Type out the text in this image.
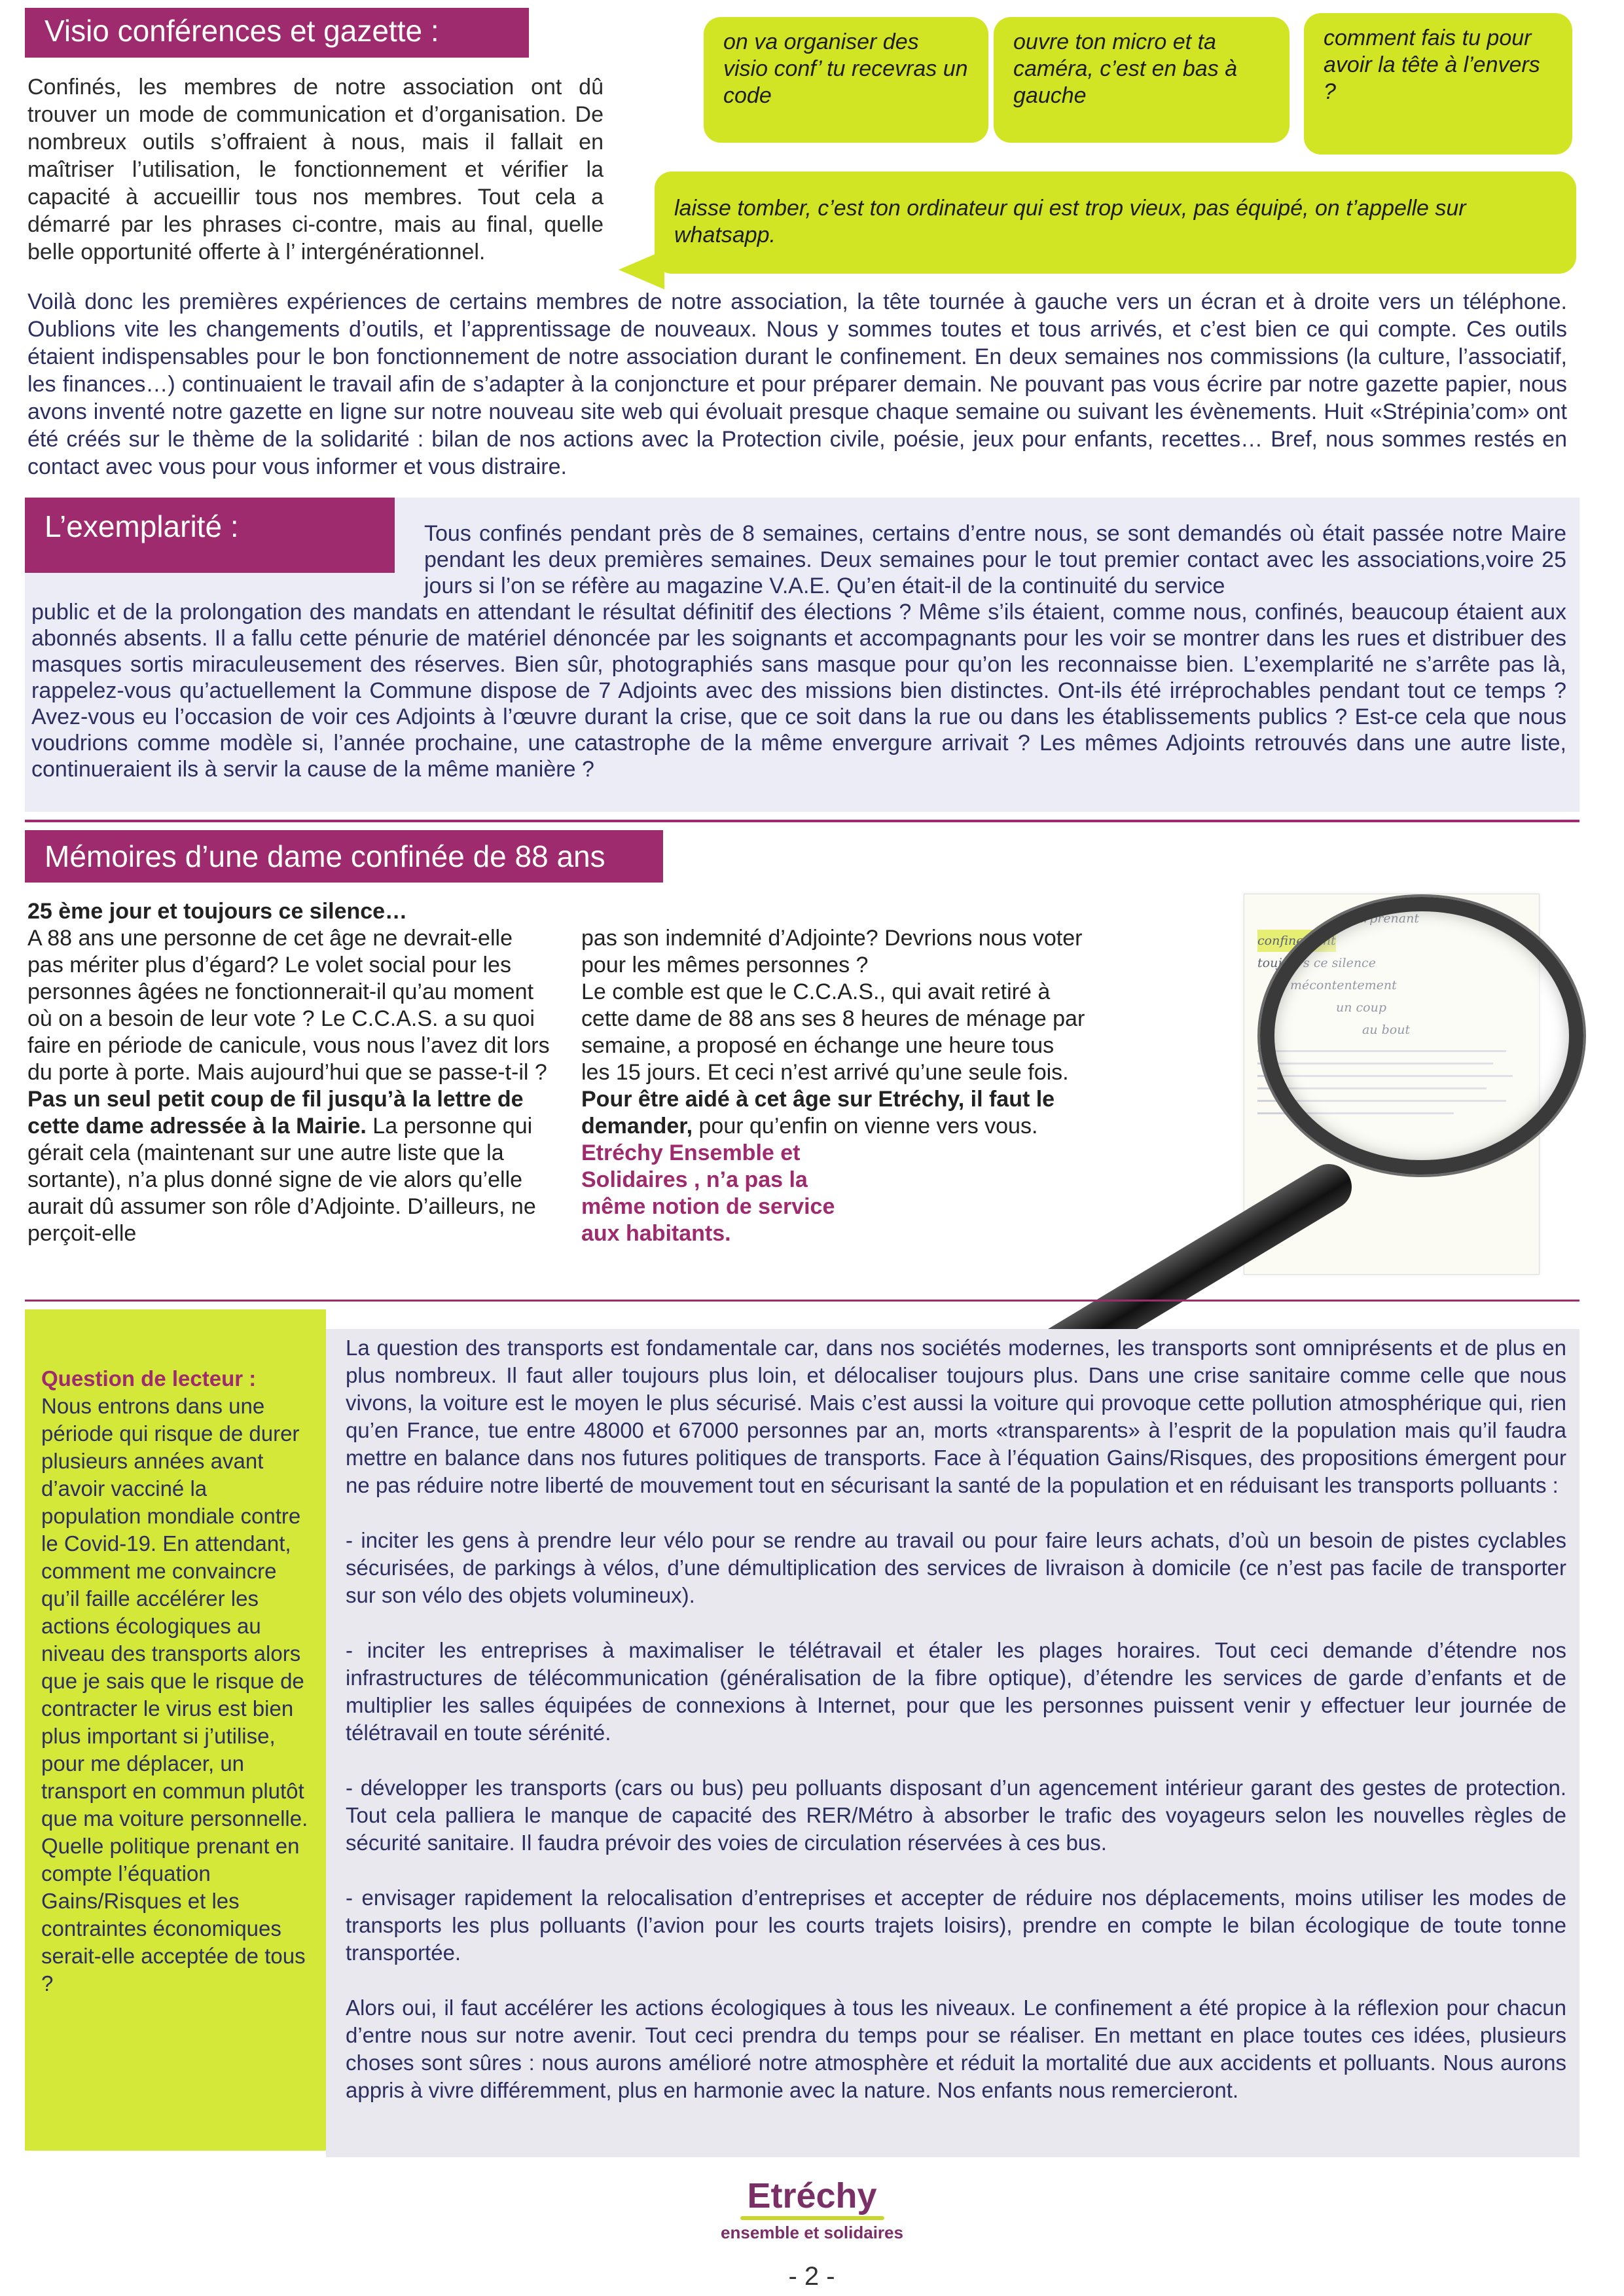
Visio conférences et gazette :
Confinés, les membres de notre association ont dû trouver un mode de communication et d’organisation. De nombreux outils s’offraient à nous, mais il fallait en maîtriser l’utilisation, le fonctionnement et vérifier la capacité à accueillir tous nos membres. Tout cela a démarré par les phrases ci-contre, mais au final, quelle belle opportunité offerte à l’ intergénérationnel.
on va organiser des visio conf’ tu recevras un code
ouvre ton micro et ta caméra, c’est en bas à gauche
comment fais tu pour avoir la tête à l’envers ?
laisse tomber, c’est ton ordinateur qui est trop vieux, pas équipé, on t’appelle sur whatsapp.
Voilà donc les premières expériences de certains membres de notre association, la tête tournée à gauche vers un écran et à droite vers un téléphone. Oublions vite les changements d’outils, et l’apprentissage de nouveaux. Nous y sommes toutes et tous arrivés, et c’est bien ce qui compte. Ces outils étaient indispensables pour le bon fonctionnement de notre association durant le confinement. En deux semaines nos commissions (la culture, l’associatif, les finances…) continuaient le travail afin de s’adapter à la conjoncture et pour préparer demain. Ne pouvant pas vous écrire par notre gazette papier, nous avons inventé notre gazette en ligne sur notre nouveau site web qui évoluait presque chaque semaine ou suivant les évènements. Huit «Strépinia’com» ont été créés sur le thème de la solidarité : bilan de nos actions avec la Protection civile, poésie, jeux pour enfants, recettes… Bref, nous sommes restés en contact avec vous pour vous informer et vous distraire.
L’exemplarité :	Tous confinés pendant près de 8 semaines, certains d’entre nous, se sont demandés où était passée notre Maire pendant les deux premières semaines. Deux semaines pour le tout premier contact avec les associations,voire 25 jours si l’on se réfère au magazine V.A.E. Qu’en était-il de la continuité du service
public et de la prolongation des mandats en attendant le résultat définitif des élections ? Même s’ils étaient, comme nous, confinés, beaucoup étaient aux abonnés absents. Il a fallu cette pénurie de matériel dénoncée par les soignants et accompagnants pour les voir se montrer dans les rues et distribuer des masques sortis miraculeusement des réserves. Bien sûr, photographiés sans masque pour qu’on les reconnaisse bien. L’exemplarité ne s’arrête pas là, rappelez-vous qu’actuellement la Commune dispose de 7 Adjoints avec des missions bien distinctes. Ont-ils été irréprochables pendant tout ce temps ? Avez-vous eu l’occasion de voir ces Adjoints à l’œuvre durant la crise, que ce soit dans la rue ou dans les établissements publics ? Est-ce cela que nous voudrions comme modèle si, l’année prochaine, une catastrophe de la même envergure arrivait ? Les mêmes Adjoints retrouvés dans une autre liste, continueraient ils à servir la cause de la même manière ?
Mémoires d’une dame confinée de 88 ans
25 ème jour et toujours ce silence…
A 88 ans une personne de cet âge ne devrait-elle pas mériter plus d’égard? Le volet social pour les personnes âgées ne fonctionnerait-il qu’au moment où on a besoin de leur vote ? Le C.C.A.S. a su quoi faire en période de canicule, vous nous l’avez dit lors du porte à porte. Mais aujourd’hui que se passe-t-il ? Pas un seul petit coup de fil jusqu’à la lettre de cette dame adressée à la Mairie. La personne qui gérait cela (maintenant sur une autre liste que la sortante), n’a plus donné signe de vie alors qu’elle aurait dû assumer son rôle d’Adjointe. D’ailleurs, ne perçoit-elle

pas son indemnité d’Adjointe? Devrions nous voter pour les mêmes personnes ?
Le comble est que le C.C.A.S., qui avait retiré à cette dame de 88 ans ses 8 heures de ménage par semaine, a proposé en échange une heure tous les 15 jours. Et ceci n’est arrivé qu’une seule fois. Pour être aidé à cet âge sur Etréchy, il faut le demander, pour qu’enfin on vienne vers vous.

Etréchy Ensemble et Solidaires , n’a pas la même notion de service aux habitants.

surprenant
confinement
toujours ce silence
mécontentement
un coup
au bout
Question de lecteur :
Nous entrons dans une période qui risque de durer plusieurs années avant d’avoir vacciné la population mondiale contre le Covid-19. En attendant, comment me convaincre qu’il faille accélérer les actions écologiques au niveau des transports alors que je sais que le risque de contracter le virus est bien plus important si j’utilise, pour me déplacer, un transport en commun plutôt que ma voiture personnelle. Quelle politique prenant en compte l’équation Gains/Risques et les contraintes économiques serait-elle acceptée de tous ?
La question des transports est fondamentale car, dans nos sociétés modernes, les transports sont omniprésents et de plus en plus nombreux. Il faut aller toujours plus loin, et délocaliser toujours plus. Dans une crise sanitaire comme celle que nous vivons, la voiture est le moyen le plus sécurisé. Mais c’est aussi la voiture qui provoque cette pollution atmosphérique qui, rien qu’en France, tue entre 48000 et 67000 personnes par an, morts «transparents» à l’esprit de la population mais qu’il faudra mettre en balance dans nos futures politiques de transports. Face à l’équation Gains/Risques, des propositions émergent pour ne pas réduire notre liberté de mouvement tout en sécurisant la santé de la population et en réduisant les transports polluants :
- inciter les gens à prendre leur vélo pour se rendre au travail ou pour faire leurs achats, d’où un besoin de pistes cyclables sécurisées, de parkings à vélos, d’une démultiplication des services de livraison à domicile (ce n’est pas facile de transporter sur son vélo des objets volumineux).
- inciter les entreprises à maximaliser le télétravail et étaler les plages horaires. Tout ceci demande d’étendre nos infrastructures de télécommunication (généralisation de la fibre optique), d’étendre les services de garde d’enfants et de multiplier les salles équipées de connexions à Internet, pour que les personnes puissent venir y effectuer leur journée de télétravail en toute sérénité.
- développer les transports (cars ou bus) peu polluants disposant d’un agencement intérieur garant des gestes de protection. Tout cela palliera le manque de capacité des RER/Métro à absorber le trafic des voyageurs selon les nouvelles règles de sécurité sanitaire. Il faudra prévoir des voies de circulation réservées à ces bus.
- envisager rapidement la relocalisation d’entreprises et accepter de réduire nos déplacements, moins utiliser les modes de transports les plus polluants (l’avion pour les courts trajets loisirs), prendre en compte le bilan écologique de toute tonne transportée.
Alors oui, il faut accélérer les actions écologiques à tous les niveaux. Le confinement a été propice à la réflexion pour chacun d’entre nous sur notre avenir. Tout ceci prendra du temps pour se réaliser. En mettant en place toutes ces idées, plusieurs choses sont sûres : nous aurons amélioré notre atmosphère et réduit la mortalité due aux accidents et polluants. Nous aurons appris à vivre différemment, plus en harmonie avec la nature. Nos enfants nous remercieront.
Etréchy
ensemble et solidaires
- 2 -
